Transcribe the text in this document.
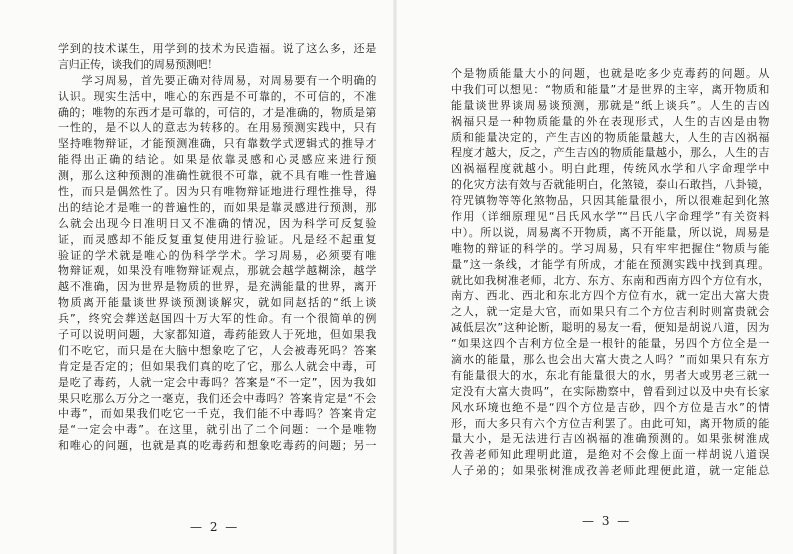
学到的技术谋生，用学到的技术为民造福。说了这么多，还是
言归正传，谈我们的周易预测吧！
　　学习周易，首先要正确对待周易，对周易要有一个明确的
认识。现实生活中，唯心的东西是不可靠的，不可信的，不准
确的；唯物的东西才是可靠的，可信的，才是准确的，物质是第
一性的，是不以人的意志为转移的。在用易预测实践中，只有
坚持唯物辩证，才能预测准确，只有靠数学式逻辑式的推导才
能得出正确的结论。如果是依靠灵感和心灵感应来进行预
测，那么这种预测的准确性就很不可靠，就不具有唯一性普遍
性，而只是偶然性了。因为只有唯物辩证地进行理性推导，得
出的结论才是唯一的普遍性的，而如果是靠灵感进行预测，那
么就会出现今日准明日又不准确的情况，因为科学可反复验
证，而灵感却不能反复重复使用进行验证。凡是经不起重复
验证的学术就是唯心的伪科学学术。学习周易，必须要有唯
物辩证观，如果没有唯物辩证观点，那就会越学越糊涂，越学
越不准确，因为世界是物质的世界，是充满能量的世界，离开
物质离开能量谈世界谈预测谈解灾，就如同赵括的“纸上谈
兵”，终究会葬送赵国四十万大军的性命。有一个很简单的例
子可以说明问题，大家都知道，毒药能致人于死地，但如果我
们不吃它，而只是在大脑中想象吃了它，人会被毒死吗？答案
肯定是否定的；但如果我们真的吃了它，那么人就会中毒，可
是吃了毒药，人就一定会中毒吗？答案是“不一定”，因为我如
果只吃那么万分之一毫克，我们还会中毒吗？答案肯定是“不会
中毒”，而如果我们吃它一千克，我们能不中毒吗？答案肯定
是“一定会中毒”。在这里，就引出了二个问题：一个是唯物
和唯心的问题，也就是真的吃毒药和想象吃毒药的问题；另一
— 2 —
个是物质能量大小的问题，也就是吃多少克毒药的问题。从
中我们可以想见：“物质和能量”才是世界的主宰，离开物质和
能量谈世界谈周易谈预测，那就是“纸上谈兵”。人生的吉凶
祸福只是一种物质能量的外在表现形式，人生的吉凶是由物
质和能量决定的，产生吉凶的物质能量越大，人生的吉凶祸福
程度才越大，反之，产生吉凶的物质能量越小，那么，人生的吉
凶祸福程度就越小。明白此理，传统风水学和八字命理学中
的化灾方法有效与否就能明白，化煞镜，泰山石敢挡，八卦镜，
符咒镇物等等化煞物品，只因其能量很小，所以很难起到化煞
作用（详细原理见“吕氏风水学”“吕氏八字命理学”有关资料
中）。所以说，周易离不开物质，离不开能量，所以说，周易是
唯物的辩证的科学的。学习周易，只有牢牢把握住“物质与能
量”这一条线，才能学有所成，才能在预测实践中找到真理。
就比如我树准老师，北方、东方、东南和西南方四个方位有水，
南方、西北、西北和东北方四个方位有水，就一定出大富大贵
之人，就一定是大官，而如果只有二个方位吉利时则富贵就会
减低层次”这种论断，聪明的易友一看，便知是胡说八道，因为
“如果这四个吉利方位全是一根针的能量，另四个方位全是一
滴水的能量，那么也会出大富大贵之人吗？”而如果只有东方
有能量很大的水，东北有能量很大的水，男者大或男老三就一
定没有大富大贵吗”，在实际勘察中，曾看到过以及中央有长家
风水环境也绝不是“四个方位是吉砂，四个方位是吉水”的情
形，而大多只有六个方位吉利罢了。由此可知，离开物质的能
量大小，是无法进行吉凶祸福的准确预测的。如果张树淮成
孜善老师知此理明此道，是绝对不会像上面一样胡说八道误
人子弟的；如果张树淮成孜善老师此理便此道，就一定能总
— 3 —
